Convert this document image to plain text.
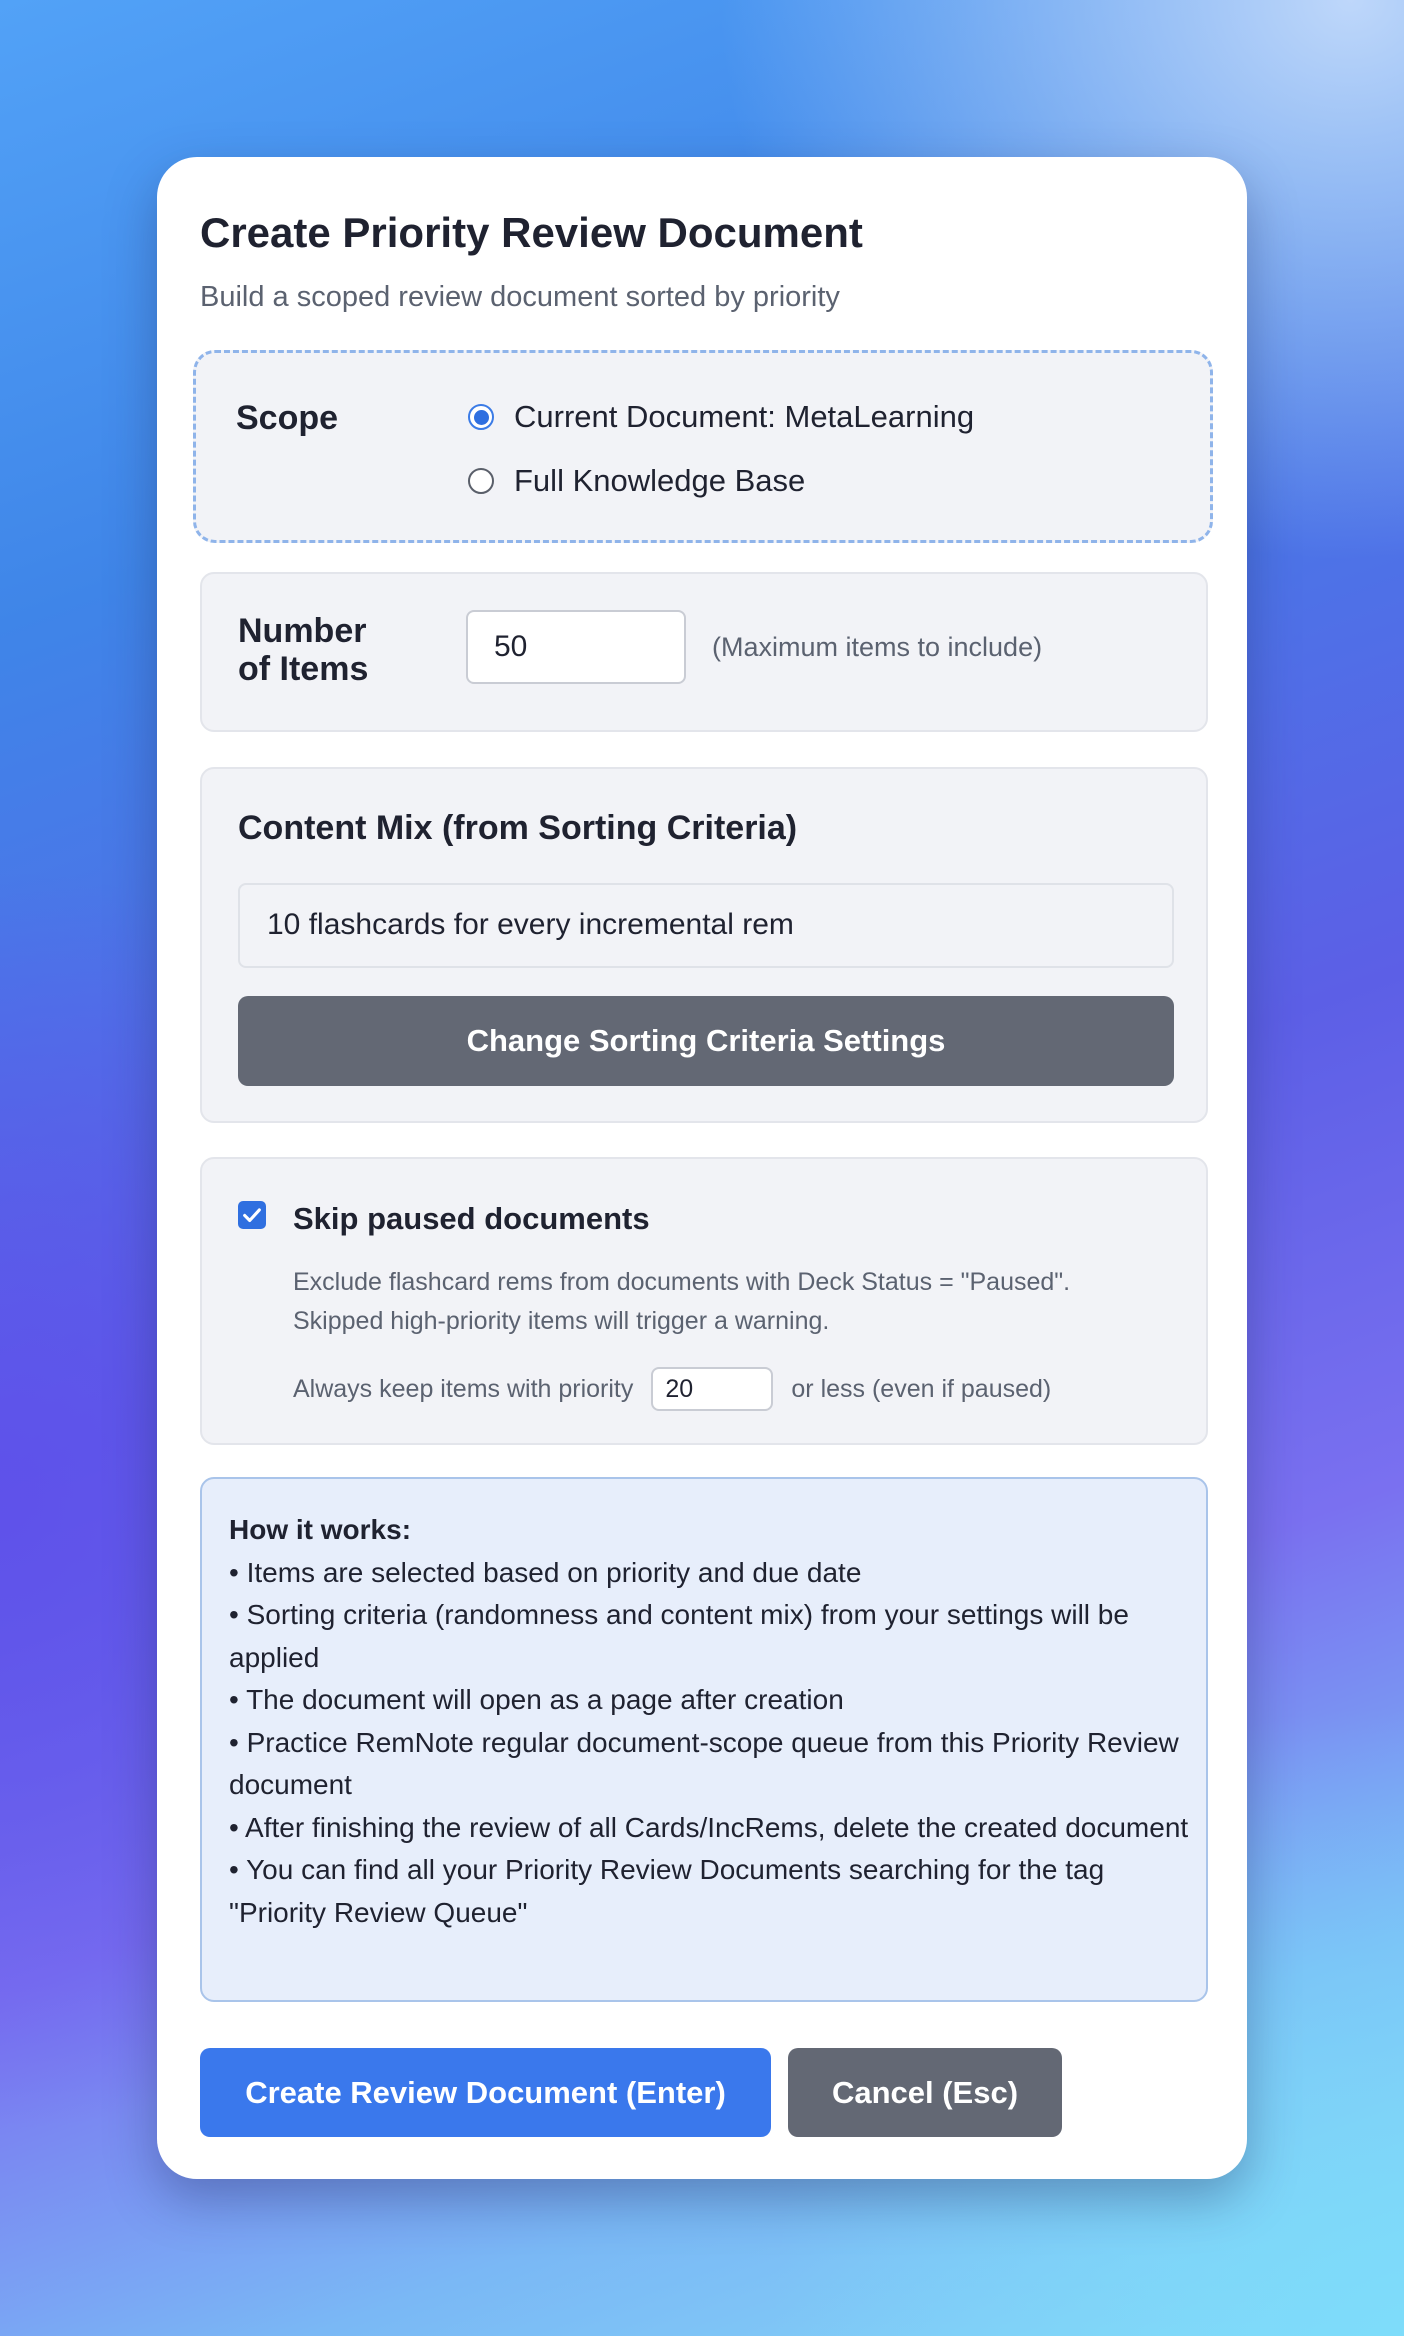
Create Priority Review Document
Build a scoped review document sorted by priority
Scope	Current Document: MetaLearning
Full Knowledge Base
Number
of Items
50	(Maximum items to include)
Content Mix (from Sorting Criteria)
10 flashcards for every incremental rem
Change Sorting Criteria Settings
Skip paused documents
Exclude flashcard rems from documents with Deck Status = "Paused".
Skipped high-priority items will trigger a warning.
Always keep items with priority	20	or less (even if paused)
How it works:
• Items are selected based on priority and due date
• Sorting criteria (randomness and content mix) from your settings will be applied
• The document will open as a page after creation
• Practice RemNote regular document-scope queue from this Priority Review document
• After finishing the review of all Cards/IncRems, delete the created document
• You can find all your Priority Review Documents searching for the tag "Priority Review Queue"
Create Review Document (Enter)	Cancel (Esc)
